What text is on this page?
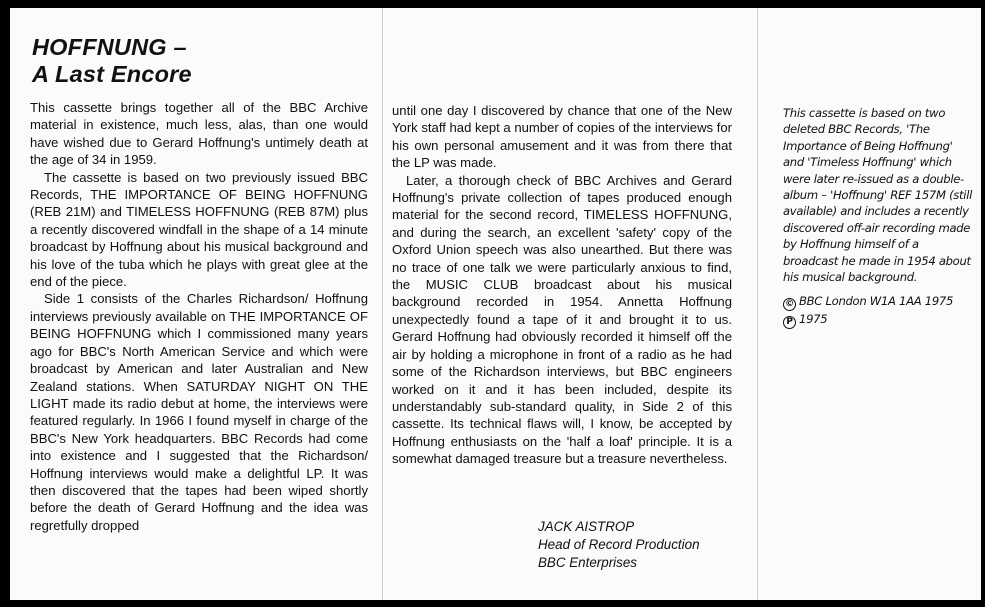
HOFFNUNG –
A Last Encore

This cassette brings together all of the BBC Archive material in existence, much less, alas, than one would have wished due to Gerard Hoffnung's untimely death at the age of 34 in 1959.

The cassette is based on two previously issued BBC Records, THE IMPORTANCE OF BEING HOFFNUNG (REB 21M) and TIMELESS HOFFNUNG (REB 87M) plus a recently discovered windfall in the shape of a 14 minute broadcast by Hoffnung about his musical background and his love of the tuba which he plays with great glee at the end of the piece.

Side 1 consists of the Charles Richardson/ Hoffnung interviews previously available on THE IMPORTANCE OF BEING HOFFNUNG which I commissioned many years ago for BBC's North American Service and which were broadcast by American and later Australian and New Zealand stations. When SATURDAY NIGHT ON THE LIGHT made its radio debut at home, the interviews were featured regularly. In 1966 I found myself in charge of the BBC's New York headquarters. BBC Records had come into existence and I suggested that the Richardson/ Hoffnung interviews would make a delightful LP. It was then discovered that the tapes had been wiped shortly before the death of Gerard Hoffnung and the idea was regretfully dropped

until one day I discovered by chance that one of the New York staff had kept a number of copies of the interviews for his own personal amusement and it was from there that the LP was made.

Later, a thorough check of BBC Archives and Gerard Hoffnung's private collection of tapes produced enough material for the second record, TIMELESS HOFFNUNG, and during the search, an excellent 'safety' copy of the Oxford Union speech was also unearthed. But there was no trace of one talk we were particularly anxious to find, the MUSIC CLUB broadcast about his musical background recorded in 1954. Annetta Hoffnung unexpectedly found a tape of it and brought it to us. Gerard Hoffnung had obviously recorded it himself off the air by holding a microphone in front of a radio as he had some of the Richardson interviews, but BBC engineers worked on it and it has been included, despite its understandably sub-standard quality, in Side 2 of this cassette. Its technical flaws will, I know, be accepted by Hoffnung enthusiasts on the 'half a loaf' principle. It is a somewhat damaged treasure but a treasure nevertheless.

JACK AISTROP
Head of Record Production
BBC Enterprises

This cassette is based on two deleted BBC Records, 'The Importance of Being Hoffnung' and 'Timeless Hoffnung' which were later re-issued as a double-album – 'Hoffnung' REF 157M (still available) and includes a recently discovered off-air recording made by Hoffnung himself of a broadcast he made in 1954 about his musical background.

© BBC London W1A 1AA 1975

P 1975
